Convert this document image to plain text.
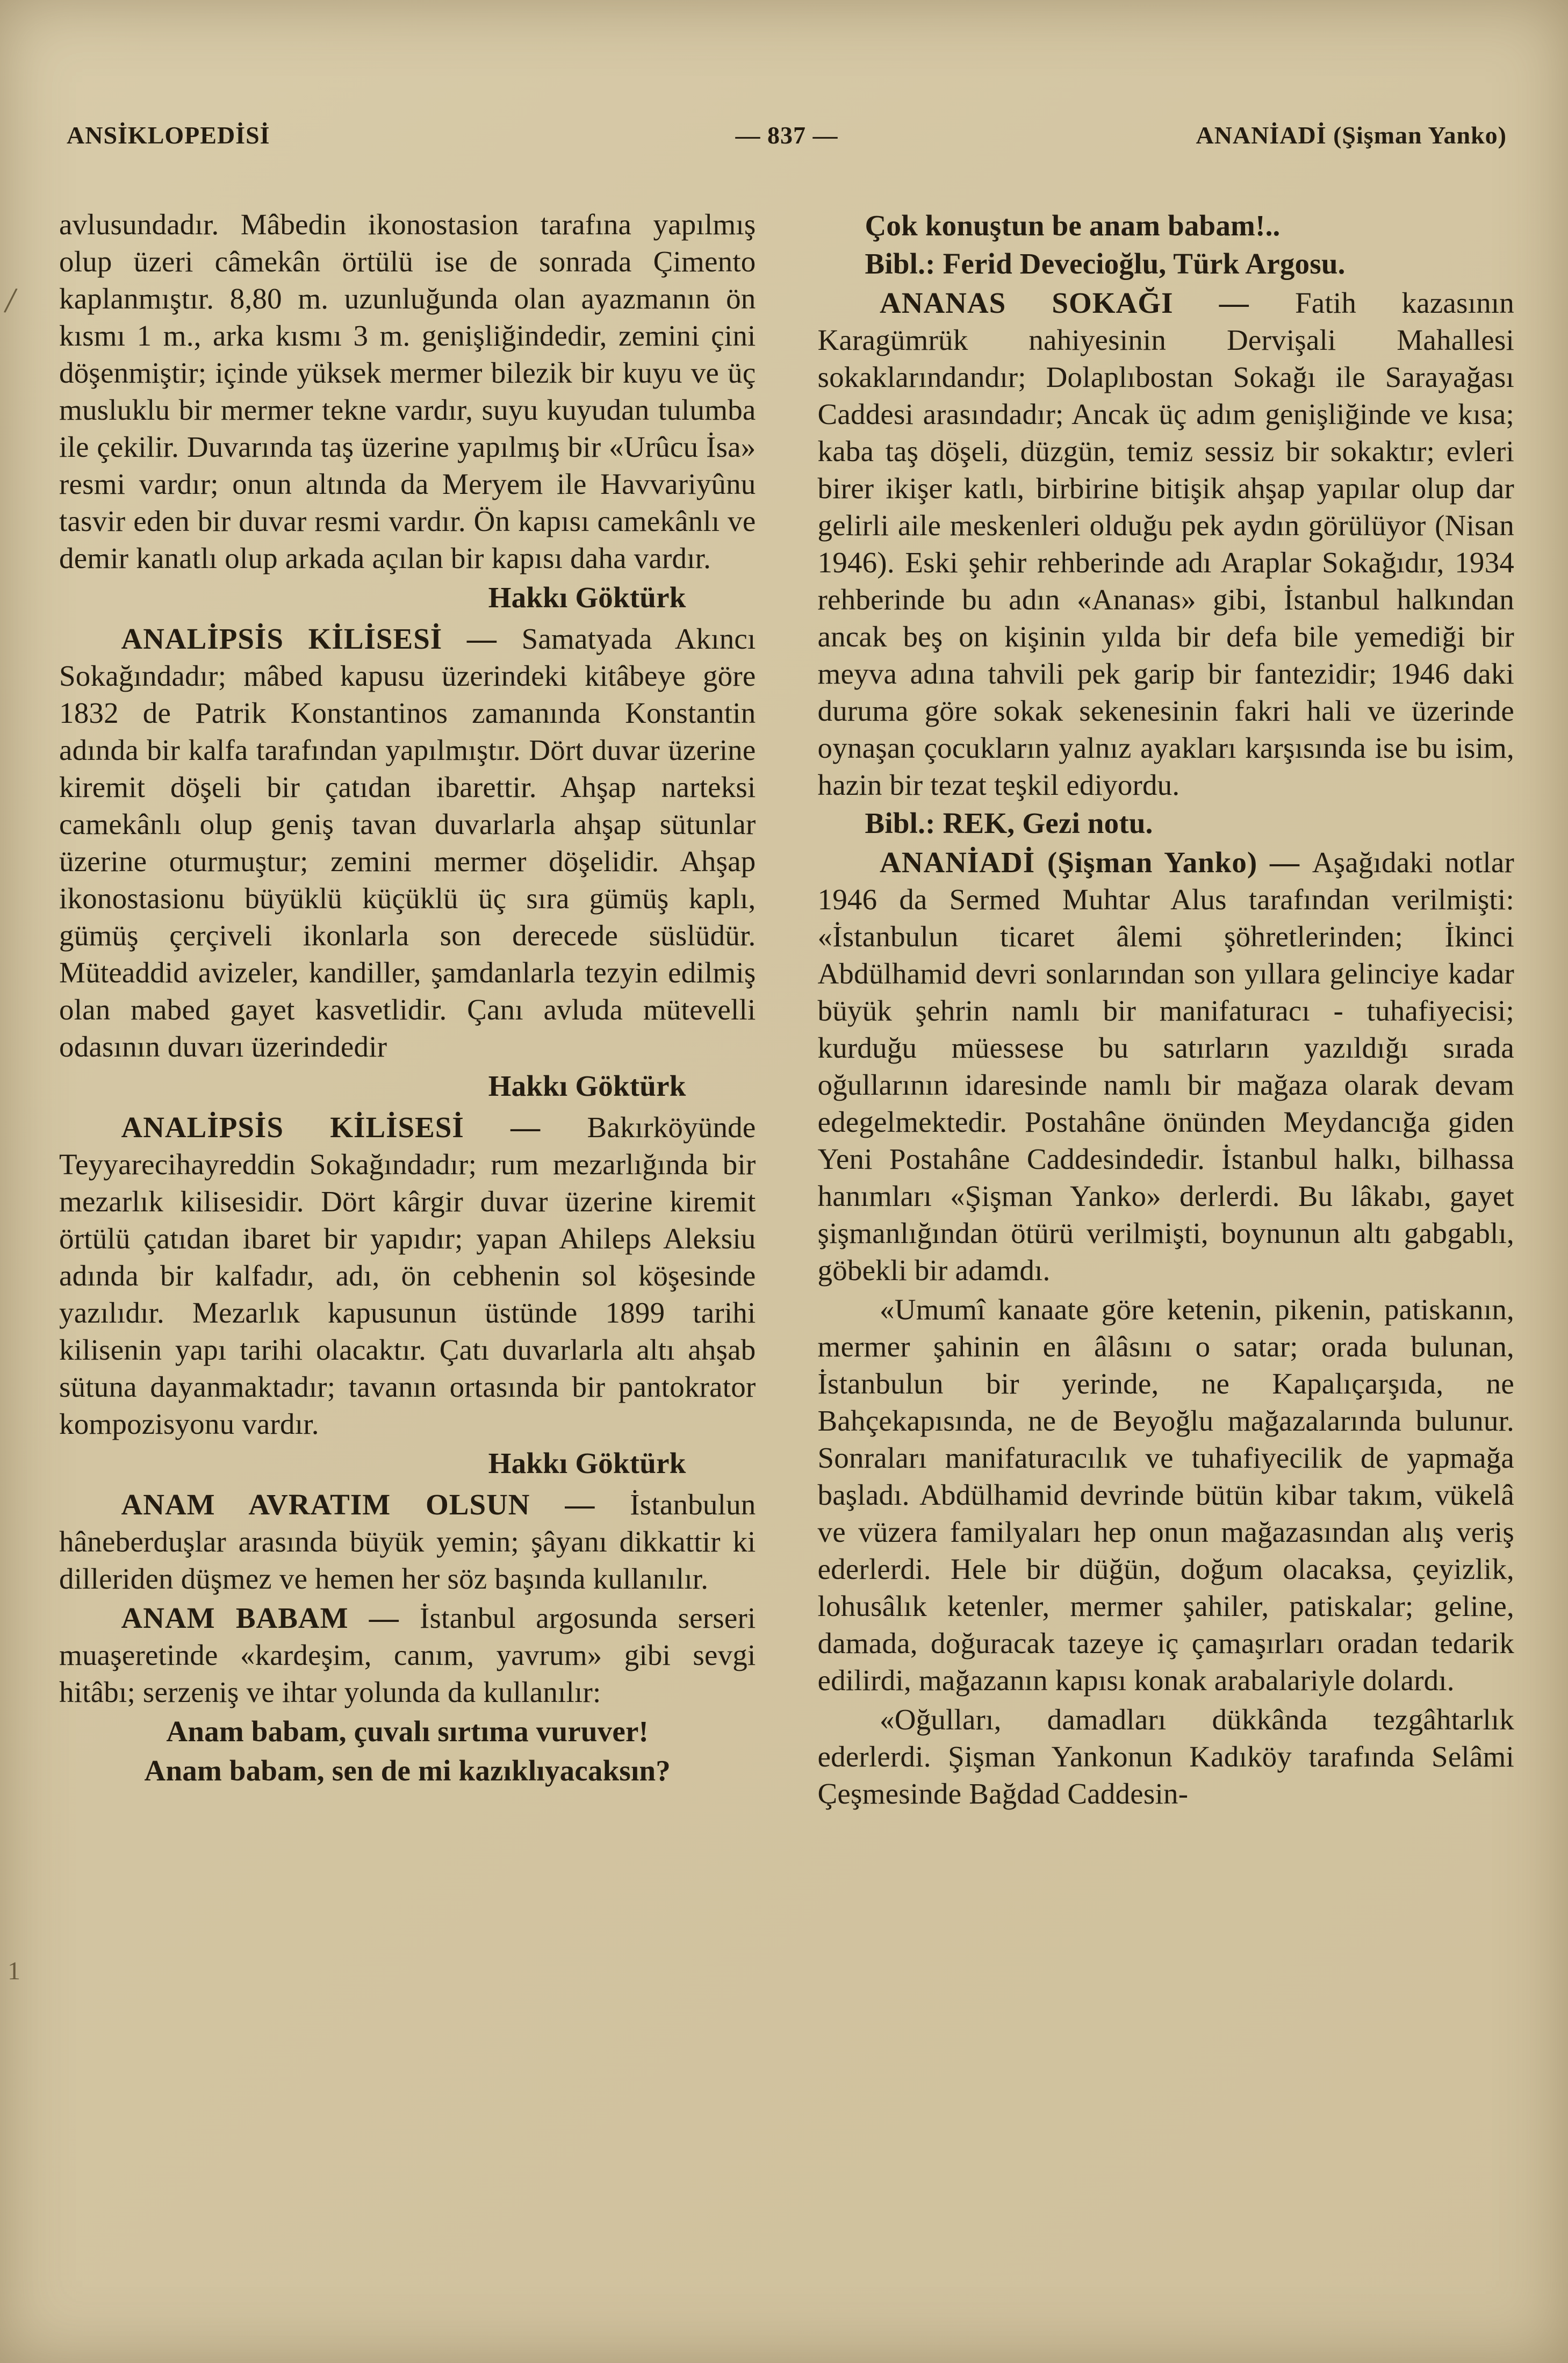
/
1
ANSİKLOPEDİSİ	— 837 —	ANANİADİ (Şişman Yanko)

avlusundadır. Mâbedin ikonostasion tarafına yapılmış olup üzeri câmekân örtülü ise de sonrada Çimento kaplanmıştır. 8,80 m. uzunluğunda olan ayazmanın ön kısmı 1 m., arka kısmı 3 m. genişliğindedir, zemini çini döşenmiştir; içinde yüksek mermer bilezik bir kuyu ve üç musluklu bir mermer tekne vardır, suyu kuyudan tulumba ile çekilir. Duvarında taş üzerine yapılmış bir «Urûcu İsa» resmi vardır; onun altında da Meryem ile Havvariyûnu tasvir eden bir duvar resmi vardır. Ön kapısı camekânlı ve demir kanatlı olup arkada açılan bir kapısı daha vardır.

Hakkı Göktürk

ANALİPSİS KİLİSESİ — Samatyada Akıncı Sokağındadır; mâbed kapusu üzerindeki kitâbeye göre 1832 de Patrik Konstantinos zamanında Konstantin adında bir kalfa tarafından yapılmıştır. Dört duvar üzerine kiremit döşeli bir çatıdan ibarettir. Ahşap narteksi camekânlı olup geniş tavan duvarlarla ahşap sütunlar üzerine oturmuştur; zemini mermer döşelidir. Ahşap ikonostasionu büyüklü küçüklü üç sıra gümüş kaplı, gümüş çerçiveli ikonlarla son derecede süslüdür. Müteaddid avizeler, kandiller, şamdanlarla tezyin edilmiş olan mabed gayet kasvetlidir. Çanı avluda mütevelli odasının duvarı üzerindedir

Hakkı Göktürk

ANALİPSİS KİLİSESİ — Bakırköyünde Teyyarecihayreddin Sokağındadır; rum mezarlığında bir mezarlık kilisesidir. Dört kârgir duvar üzerine kiremit örtülü çatıdan ibaret bir yapıdır; yapan Ahileps Aleksiu adında bir kalfadır, adı, ön cebhenin sol köşesinde yazılıdır. Mezarlık kapusunun üstünde 1899 tarihi kilisenin yapı tarihi olacaktır. Çatı duvarlarla altı ahşab sütuna dayanmaktadır; tavanın ortasında bir pantokrator kompozisyonu vardır.

Hakkı Göktürk

ANAM AVRATIM OLSUN — İstanbulun hâneberduşlar arasında büyük yemin; şâyanı dikkattir ki dilleriden düşmez ve hemen her söz başında kullanılır.

ANAM BABAM — İstanbul argosunda serseri muaşeretinde «kardeşim, canım, yavrum» gibi sevgi hitâbı; serzeniş ve ihtar yolunda da kullanılır:

Anam babam, çuvalı sırtıma vuruver!

Anam babam, sen de mi kazıklıyacaksın?

Çok konuştun be anam babam!..

Bibl.: Ferid Devecioğlu, Türk Argosu.

ANANAS SOKAĞI — Fatih kazasının Karagümrük nahiyesinin Dervişali Mahallesi sokaklarındandır; Dolaplıbostan Sokağı ile Sarayağası Caddesi arasındadır; Ancak üç adım genişliğinde ve kısa; kaba taş döşeli, düzgün, temiz sessiz bir sokaktır; evleri birer ikişer katlı, birbirine bitişik ahşap yapılar olup dar gelirli aile meskenleri olduğu pek aydın görülüyor (Nisan 1946). Eski şehir rehberinde adı Araplar Sokağıdır, 1934 rehberinde bu adın «Ananas» gibi, İstanbul halkından ancak beş on kişinin yılda bir defa bile yemediği bir meyva adına tahvili pek garip bir fantezidir; 1946 daki duruma göre sokak sekenesinin fakri hali ve üzerinde oynaşan çocukların yalnız ayakları karşısında ise bu isim, hazin bir tezat teşkil ediyordu.

Bibl.: REK, Gezi notu.

ANANİADİ (Şişman Yanko) — Aşağıdaki notlar 1946 da Sermed Muhtar Alus tarafından verilmişti: «İstanbulun ticaret âlemi şöhretlerinden; İkinci Abdülhamid devri sonlarından son yıllara gelinciye kadar büyük şehrin namlı bir manifaturacı - tuhafiyecisi; kurduğu müessese bu satırların yazıldığı sırada oğullarının idaresinde namlı bir mağaza olarak devam edegelmektedir. Postahâne önünden Meydancığa giden Yeni Postahâne Caddesindedir. İstanbul halkı, bilhassa hanımları «Şişman Yanko» derlerdi. Bu lâkabı, gayet şişmanlığından ötürü verilmişti, boynunun altı gabgablı, göbekli bir adamdı.

«Umumî kanaate göre ketenin, pikenin, patiskanın, mermer şahinin en âlâsını o satar; orada bulunan, İstanbulun bir yerinde, ne Kapalıçarşıda, ne Bahçekapısında, ne de Beyoğlu mağazalarında bulunur. Sonraları manifaturacılık ve tuhafiyecilik de yapmağa başladı. Abdülhamid devrinde bütün kibar takım, vükelâ ve vüzera familyaları hep onun mağazasından alış veriş ederlerdi. Hele bir düğün, doğum olacaksa, çeyizlik, lohusâlık ketenler, mermer şahiler, patiskalar; geline, damada, doğuracak tazeye iç çamaşırları oradan tedarik edilirdi, mağazanın kapısı konak arabalariyle dolardı.

«Oğulları, damadları dükkânda tezgâhtarlık ederlerdi. Şişman Yankonun Kadıköy tarafında Selâmi Çeşmesinde Bağdad Caddesin-
